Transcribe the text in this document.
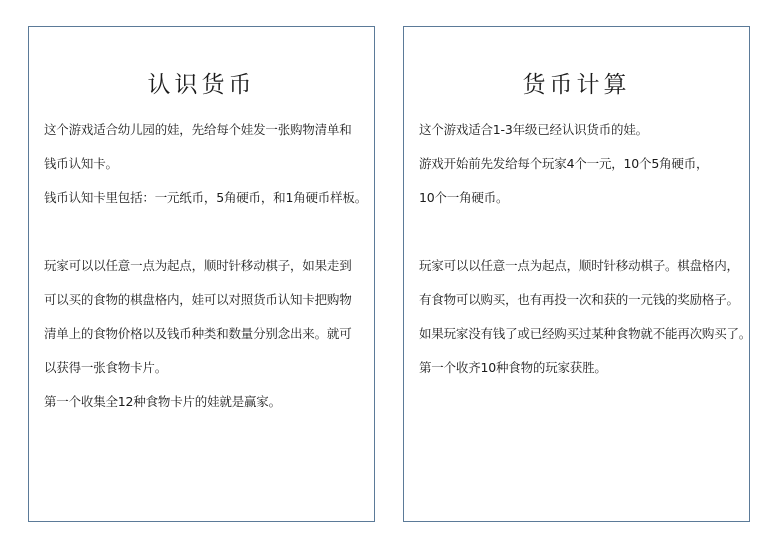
认识货币
这个游戏适合幼儿园的娃，先给每个娃发一张购物清单和
钱币认知卡。
钱币认知卡里包括：一元纸币，5角硬币，和1角硬币样板。
玩家可以以任意一点为起点，顺时针移动棋子，如果走到
可以买的食物的棋盘格内，娃可以对照货币认知卡把购物
清单上的食物价格以及钱币种类和数量分别念出来。就可
以获得一张食物卡片。
第一个收集全12种食物卡片的娃就是赢家。
货币计算
这个游戏适合1-3年级已经认识货币的娃。
游戏开始前先发给每个玩家4个一元，10个5角硬币，
10个一角硬币。
玩家可以以任意一点为起点，顺时针移动棋子。棋盘格内，
有食物可以购买，也有再投一次和获的一元钱的奖励格子。
如果玩家没有钱了或已经购买过某种食物就不能再次购买了。
第一个收齐10种食物的玩家获胜。
